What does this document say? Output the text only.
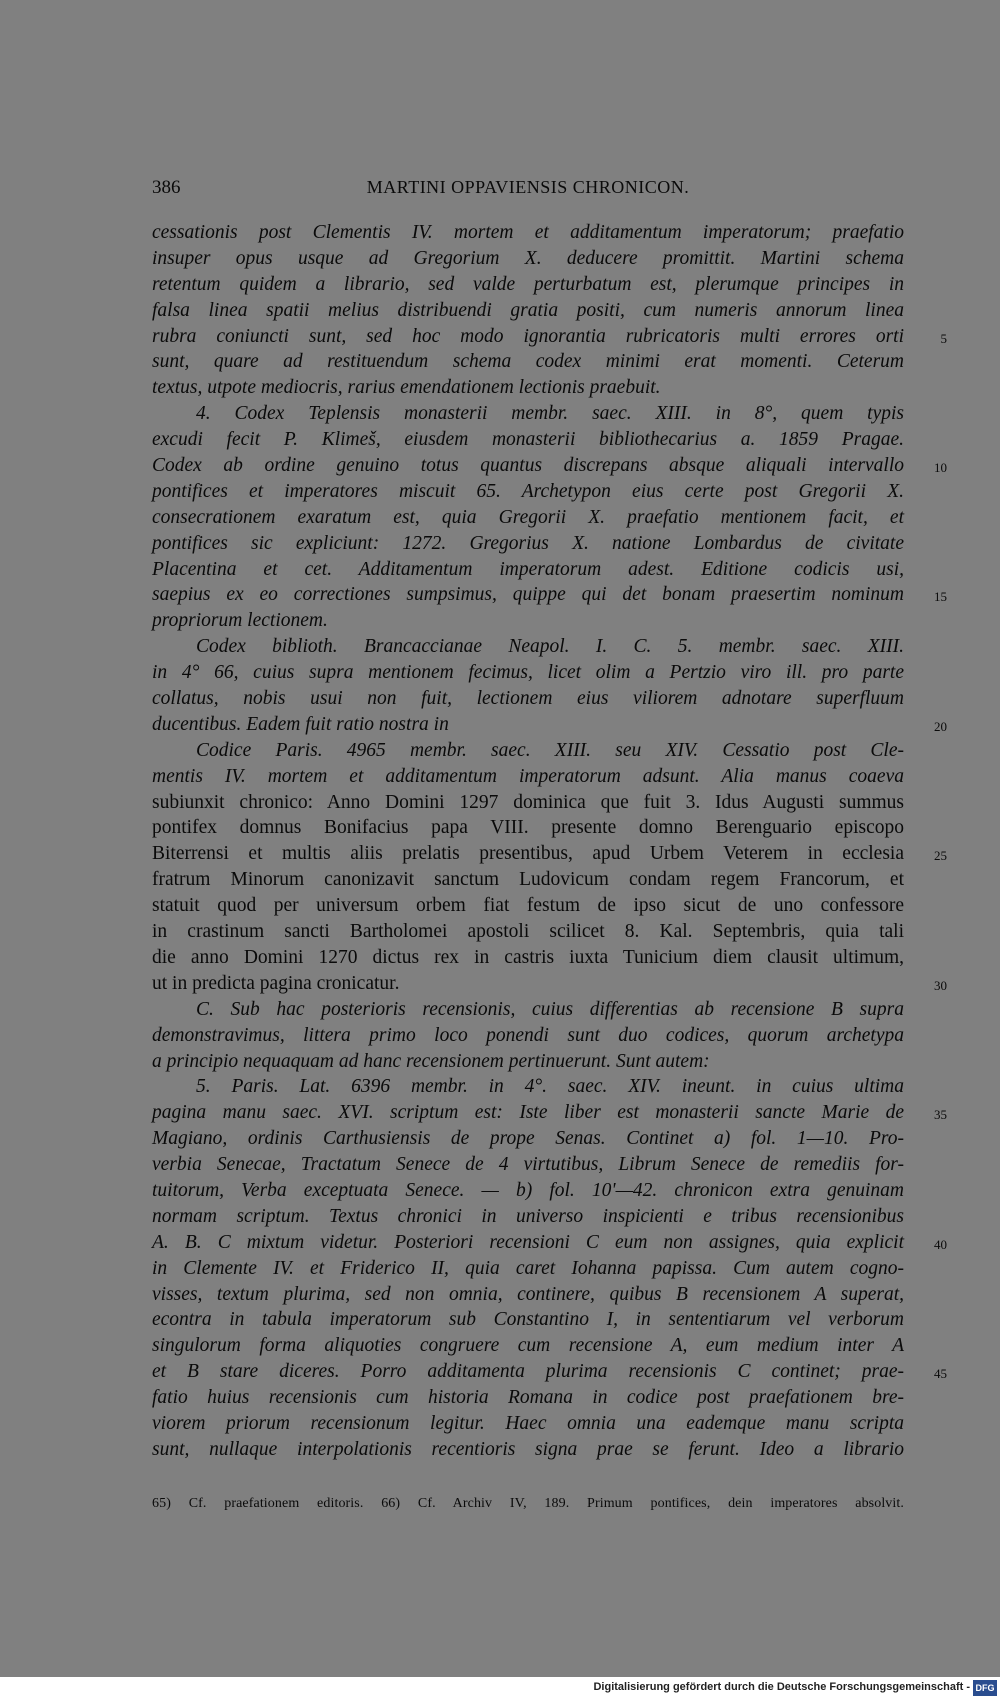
386	MARTINI OPPAVIENSIS CHRONICON.
cessationis post Clementis IV. mortem et additamentum imperatorum; praefatio
insuper opus usque ad Gregorium X. deducere promittit. Martini schema
retentum quidem a librario, sed valde perturbatum est, plerumque principes in
falsa linea spatii melius distribuendi gratia positi, cum numeris annorum linea
rubra coniuncti sunt, sed hoc modo ignorantia rubricatoris multi errores orti	5
sunt, quare ad restituendum schema codex minimi erat momenti. Ceterum
textus, utpote mediocris, rarius emendationem lectionis praebuit.
4. Codex Teplensis monasterii membr. saec. XIII. in 8°, quem typis
excudi fecit P. Klimeš, eiusdem monasterii bibliothecarius a. 1859 Pragae.
Codex ab ordine genuino totus quantus discrepans absque aliquali intervallo 10
pontifices et imperatores miscuit 65. Archetypon eius certe post Gregorii X.
consecrationem exaratum est, quia Gregorii X. praefatio mentionem facit, et
pontifices sic expliciunt: 1272. Gregorius X. natione Lombardus de civitate
Placentina et cet. Additamentum imperatorum adest. Editione codicis usi,
saepius ex eo correctiones sumpsimus, quippe qui det bonam praesertim nominum 15
propriorum lectionem.
Codex biblioth. Brancaccianae Neapol. I. C. 5. membr. saec. XIII.
in 4° 66, cuius supra mentionem fecimus, licet olim a Pertzio viro ill. pro parte
collatus, nobis usui non fuit, lectionem eius viliorem adnotare superfluum
ducentibus. Eadem fuit ratio nostra in	20
Codice Paris. 4965 membr. saec. XIII. seu XIV. Cessatio post Cle-
mentis IV. mortem et additamentum imperatorum adsunt. Alia manus coaeva
subiunxit chronico: Anno Domini 1297 dominica que fuit 3. Idus Augusti summus
pontifex domnus Bonifacius papa VIII. presente domno Berenguario episcopo
Biterrensi et multis aliis prelatis presentibus, apud Urbem Veterem in ecclesia 25
fratrum Minorum canonizavit sanctum Ludovicum condam regem Francorum, et
statuit quod per universum orbem fiat festum de ipso sicut de uno confessore
in crastinum sancti Bartholomei apostoli scilicet 8. Kal. Septembris, quia tali
die anno Domini 1270 dictus rex in castris iuxta Tunicium diem clausit ultimum,
ut in predicta pagina cronicatur.	30
C. Sub hac posterioris recensionis, cuius differentias ab recensione B supra
demonstravimus, littera primo loco ponendi sunt duo codices, quorum archetypa
a principio nequaquam ad hanc recensionem pertinuerunt. Sunt autem:
5. Paris. Lat. 6396 membr. in 4°. saec. XIV. ineunt. in cuius ultima
pagina manu saec. XVI. scriptum est: Iste liber est monasterii sancte Marie de 35
Magiano, ordinis Carthusiensis de prope Senas. Continet a) fol. 1—10. Pro-
verbia Senecae, Tractatum Senece de 4 virtutibus, Librum Senece de remediis for-
tuitorum, Verba exceptuata Senece. — b) fol. 10'—42. chronicon extra genuinam
normam scriptum. Textus chronici in universo inspicienti e tribus recensionibus
A. B. C mixtum videtur. Posteriori recensioni C eum non assignes, quia explicit 40
in Clemente IV. et Friderico II, quia caret Iohanna papissa. Cum autem cogno-
visses, textum plurima, sed non omnia, continere, quibus B recensionem A superat,
econtra in tabula imperatorum sub Constantino I, in sententiarum vel verborum
singulorum forma aliquoties congruere cum recensione A, eum medium inter A
et B stare diceres. Porro additamenta plurima recensionis C continet; prae- 45
fatio huius recensionis cum historia Romana in codice post praefationem bre-
viorem priorum recensionum legitur. Haec omnia una eademque manu scripta
sunt, nullaque interpolationis recentioris signa prae se ferunt. Ideo a librario
65) Cf. praefationem editoris. 66) Cf. Archiv IV, 189. Primum pontifices, dein imperatores absolvit.
Digitalisierung gefördert durch die Deutsche Forschungsgemeinschaft - DFG
